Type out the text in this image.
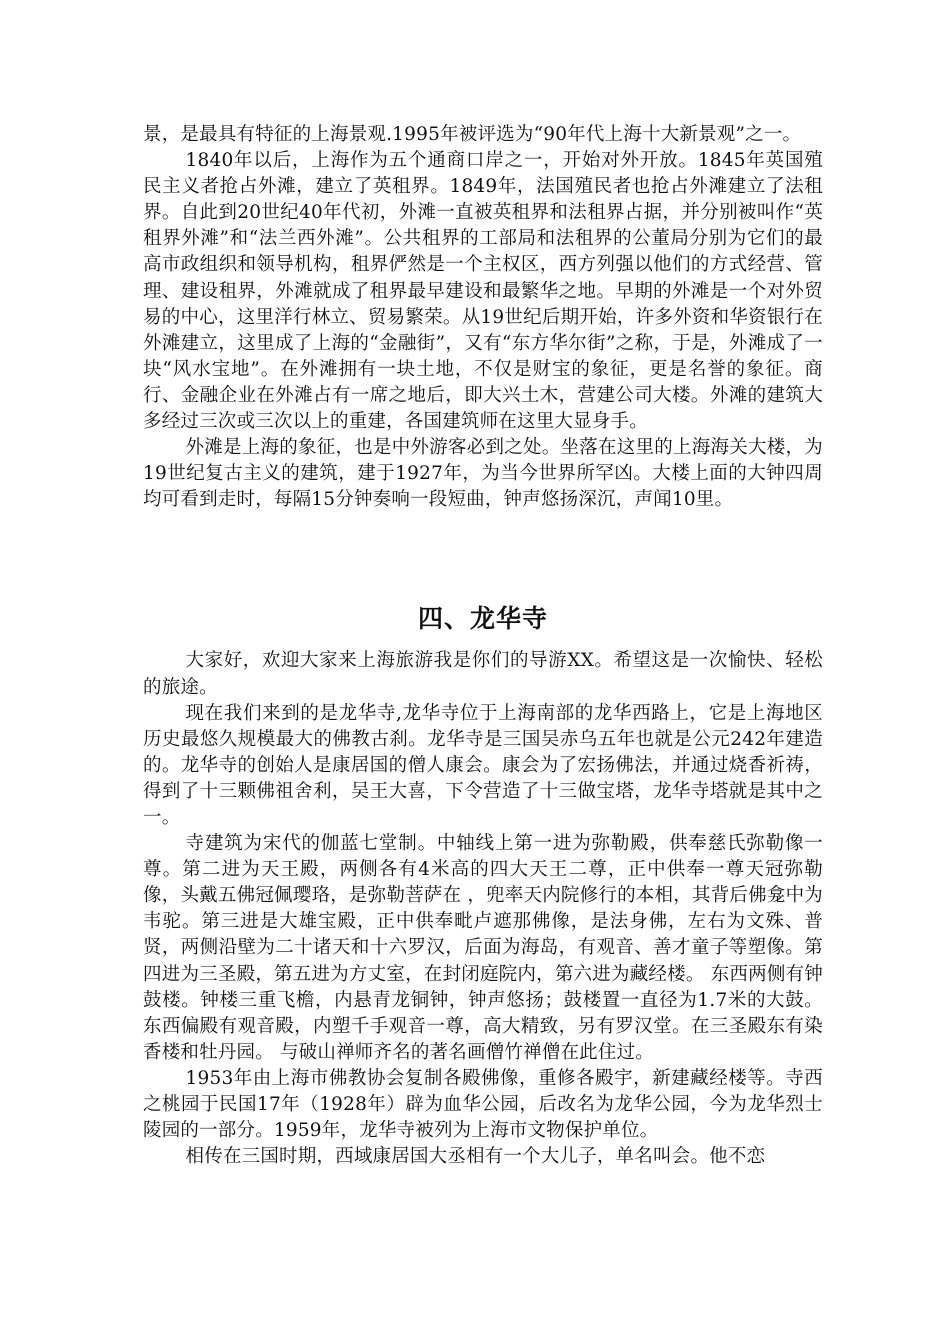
景，是最具有特征的上海景观.1995年被评选为“90年代上海十大新景观”之一。

1840年以后，上海作为五个通商口岸之一，开始对外开放。1845年英国殖民主义者抢占外滩，建立了英租界。1849年，法国殖民者也抢占外滩建立了法租界。自此到20世纪40年代初，外滩一直被英租界和法租界占据，并分别被叫作“英租界外滩”和“法兰西外滩”。公共租界的工部局和法租界的公董局分别为它们的最高市政组织和领导机构，租界俨然是一个主权区，西方列强以他们的方式经营、管理、建设租界，外滩就成了租界最早建设和最繁华之地。早期的外滩是一个对外贸易的中心，这里洋行林立、贸易繁荣。从19世纪后期开始，许多外资和华资银行在外滩建立，这里成了上海的“金融街”，又有“东方华尔街”之称，于是，外滩成了一块“风水宝地”。在外滩拥有一块土地，不仅是财宝的象征，更是名誉的象征。商行、金融企业在外滩占有一席之地后，即大兴土木，营建公司大楼。外滩的建筑大多经过三次或三次以上的重建，各国建筑师在这里大显身手。

外滩是上海的象征，也是中外游客必到之处。坐落在这里的上海海关大楼，为19世纪复古主义的建筑，建于1927年，为当今世界所罕凶。大楼上面的大钟四周均可看到走时，每隔15分钟奏响一段短曲，钟声悠扬深沉，声闻10里。

四、龙华寺

大家好，欢迎大家来上海旅游我是你们的导游XX。希望这是一次愉快、轻松的旅途。

现在我们来到的是龙华寺,龙华寺位于上海南部的龙华西路上，它是上海地区历史最悠久规模最大的佛教古刹。龙华寺是三国吴赤乌五年也就是公元242年建造的。龙华寺的创始人是康居国的僧人康会。康会为了宏扬佛法，并通过烧香祈祷，得到了十三颗佛祖舍利，吴王大喜，下令营造了十三做宝塔，龙华寺塔就是其中之一。

寺建筑为宋代的伽蓝七堂制。中轴线上第一进为弥勒殿，供奉慈氏弥勒像一尊。第二进为天王殿，两侧各有4米高的四大天王二尊，正中供奉一尊天冠弥勒像，头戴五佛冠佩璎珞，是弥勒菩萨在 ，兜率天内院修行的本相，其背后佛龛中为韦驼。第三进是大雄宝殿，正中供奉毗卢遮那佛像，是法身佛，左右为文殊、普贤，两侧沿壁为二十诸天和十六罗汉，后面为海岛，有观音、善才童子等塑像。第四进为三圣殿，第五进为方丈室，在封闭庭院内，第六进为藏经楼。 东西两侧有钟鼓楼。钟楼三重飞檐，内悬青龙铜钟，钟声悠扬；鼓楼置一直径为1.7米的大鼓。东西偏殿有观音殿，内塑千手观音一尊，高大精致，另有罗汉堂。在三圣殿东有染香楼和牡丹园。 与破山禅师齐名的著名画僧竹禅僧在此住过。

1953年由上海市佛教协会复制各殿佛像，重修各殿宇，新建藏经楼等。寺西之桃园于民国17年（1928年）辟为血华公园，后改名为龙华公园，今为龙华烈士陵园的一部分。1959年，龙华寺被列为上海市文物保护单位。

相传在三国时期，西域康居国大丞相有一个大儿子，单名叫会。他不恋
